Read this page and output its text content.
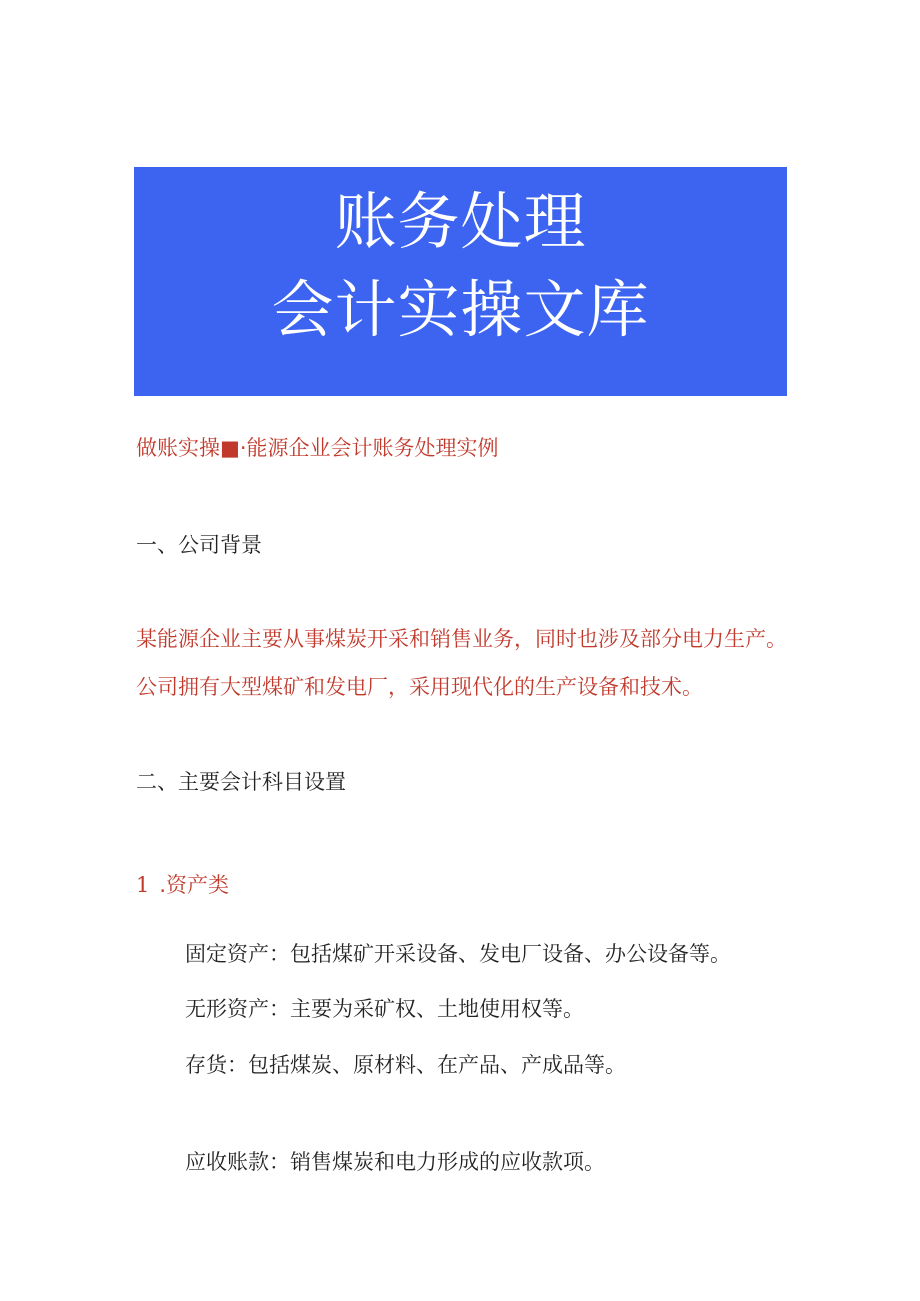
账务处理
会计实操文库
做账实操■·能源企业会计账务处理实例
一、公司背景
某能源企业主要从事煤炭开采和销售业务，同时也涉及部分电力生产。
公司拥有大型煤矿和发电厂，采用现代化的生产设备和技术。
二、主要会计科目设置
1 .资产类
固定资产：包括煤矿开采设备、发电厂设备、办公设备等。
无形资产：主要为采矿权、土地使用权等。
存货：包括煤炭、原材料、在产品、产成品等。
应收账款：销售煤炭和电力形成的应收款项。
